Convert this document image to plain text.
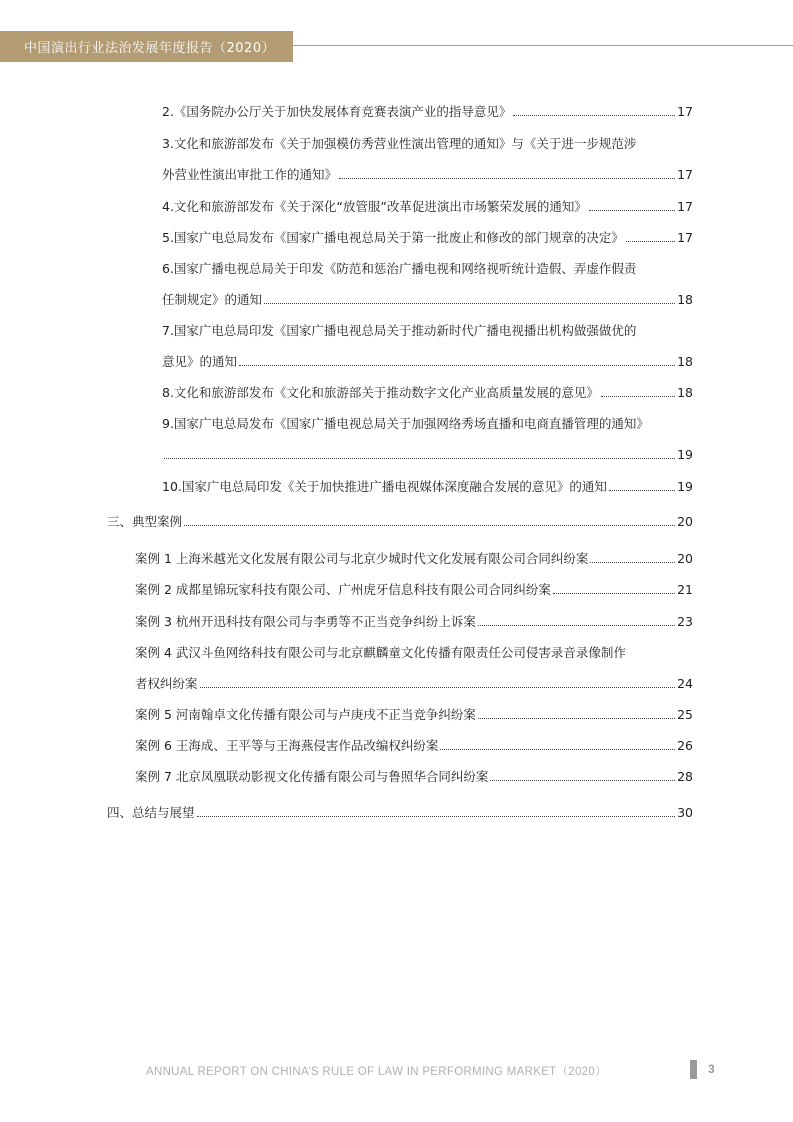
中国演出行业法治发展年度报告（2020）
2.《国务院办公厅关于加快发展体育竞赛表演产业的指导意见》	17
3.文化和旅游部发布《关于加强模仿秀营业性演出管理的通知》与《关于进一步规范涉
外营业性演出审批工作的通知》	17
4.文化和旅游部发布《关于深化“放管服”改革促进演出市场繁荣发展的通知》	17
5.国家广电总局发布《国家广播电视总局关于第一批废止和修改的部门规章的决定》	17
6.国家广播电视总局关于印发《防范和惩治广播电视和网络视听统计造假、弄虚作假责
任制规定》的通知	18
7.国家广电总局印发《国家广播电视总局关于推动新时代广播电视播出机构做强做优的
意见》的通知	18
8.文化和旅游部发布《文化和旅游部关于推动数字文化产业高质量发展的意见》	18
9.国家广电总局发布《国家广播电视总局关于加强网络秀场直播和电商直播管理的通知》
19
10.国家广电总局印发《关于加快推进广播电视媒体深度融合发展的意见》的通知	19
三、典型案例	20
案例 1 上海米越光文化发展有限公司与北京少城时代文化发展有限公司合同纠纷案	20
案例 2 成都星锦玩家科技有限公司、广州虎牙信息科技有限公司合同纠纷案	21
案例 3 杭州开迅科技有限公司与李勇等不正当竞争纠纷上诉案	23
案例 4 武汉斗鱼网络科技有限公司与北京麒麟童文化传播有限责任公司侵害录音录像制作
者权纠纷案	24
案例 5 河南翰卓文化传播有限公司与卢庚戌不正当竞争纠纷案	25
案例 6 王海成、王平等与王海燕侵害作品改编权纠纷案	26
案例 7 北京凤凰联动影视文化传播有限公司与鲁照华合同纠纷案	28
四、总结与展望	30
ANNUAL REPORT ON CHINA’S RULE OF LAW IN PERFORMING MARKET（2020）	3
